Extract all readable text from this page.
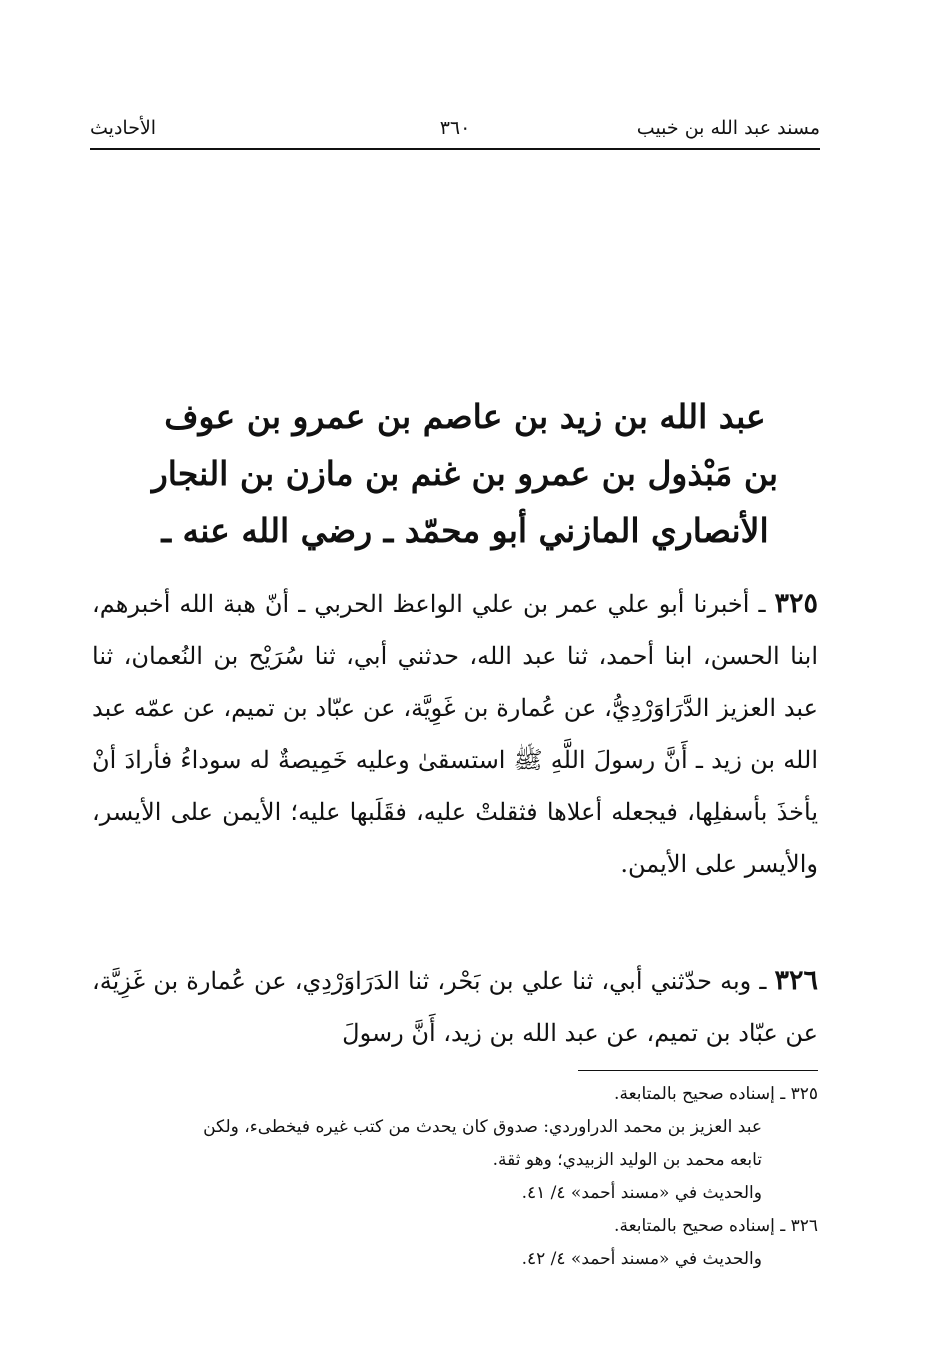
مسند عبد الله بن خبيب
٣٦٠
الأحاديث
عبد الله بن زيد بن عاصم بن عمرو بن عوف
بن مَبْذول بن عمرو بن غنم بن مازن بن النجار
الأنصاري المازني أبو محمّد ـ رضي الله عنه ـ
٣٢٥ ـ أخبرنا أبو علي عمر بن علي الواعظ الحربي ـ أنّ هبة الله أخبرهم، ابنا الحسن، ابنا أحمد، ثنا عبد الله، حدثني أبي، ثنا سُرَيْح بن النُعمان، ثنا عبد العزيز الدَّرَاوَرْدِيُّ، عن عُمارة بن غَوِيَّة، عن عبّاد بن تميم، عن عمّه عبد الله بن زيد ـ أَنَّ رسولَ اللَّهِ ﷺ استسقىٰ وعليه خَمِيصةٌ له سوداءُ فأرادَ أنْ يأخذَ بأسفلِها، فيجعله أعلاها فثقلتْ عليه، فقَلَبها عليه؛ الأيمن على الأيسر، والأيسر على الأيمن.
٣٢٦ ـ وبه حدّثني أبي، ثنا علي بن بَحْر، ثنا الدَرَاوَرْدِي، عن عُمارة بن غَزِيَّة، عن عبّاد بن تميم، عن عبد الله بن زيد، أَنَّ رسولَ
٣٢٥ ـ إسناده صحيح بالمتابعة.
عبد العزيز بن محمد الدراوردي: صدوق كان يحدث من كتب غيره فيخطىء، ولكن
تابعه محمد بن الوليد الزبيدي؛ وهو ثقة.
والحديث في «مسند أحمد» ٤/ ٤١.
٣٢٦ ـ إسناده صحيح بالمتابعة.
والحديث في «مسند أحمد» ٤/ ٤٢.
